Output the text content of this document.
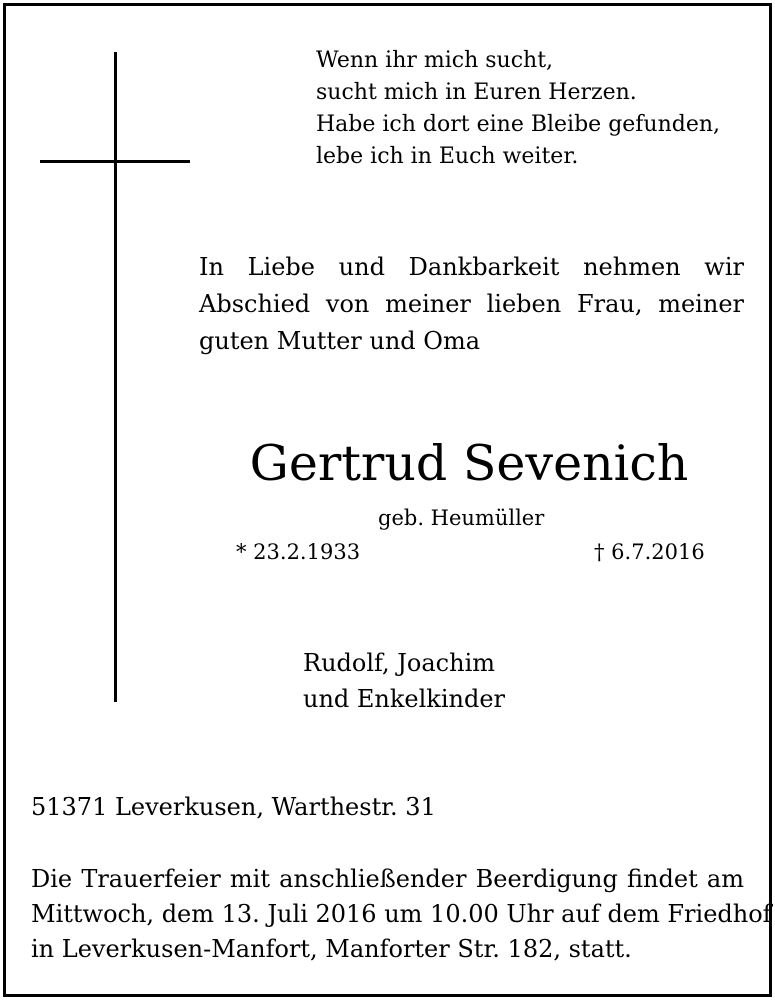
Wenn ihr mich sucht,
sucht mich in Euren Herzen.
Habe ich dort eine Bleibe gefunden,
lebe ich in Euch weiter.
In Liebe und Dankbarkeit nehmen wir
Abschied von meiner lieben Frau, meiner
guten Mutter und Oma
Gertrud Sevenich
geb. Heumüller
* 23.2.1933	† 6.7.2016
Rudolf, Joachim
und Enkelkinder
51371 Leverkusen, Warthestr. 31
Die Trauerfeier mit anschließender Beerdigung findet am
Mittwoch, dem 13. Juli 2016 um 10.00 Uhr auf dem Friedhof
in Leverkusen-Manfort, Manforter Str. 182, statt.
